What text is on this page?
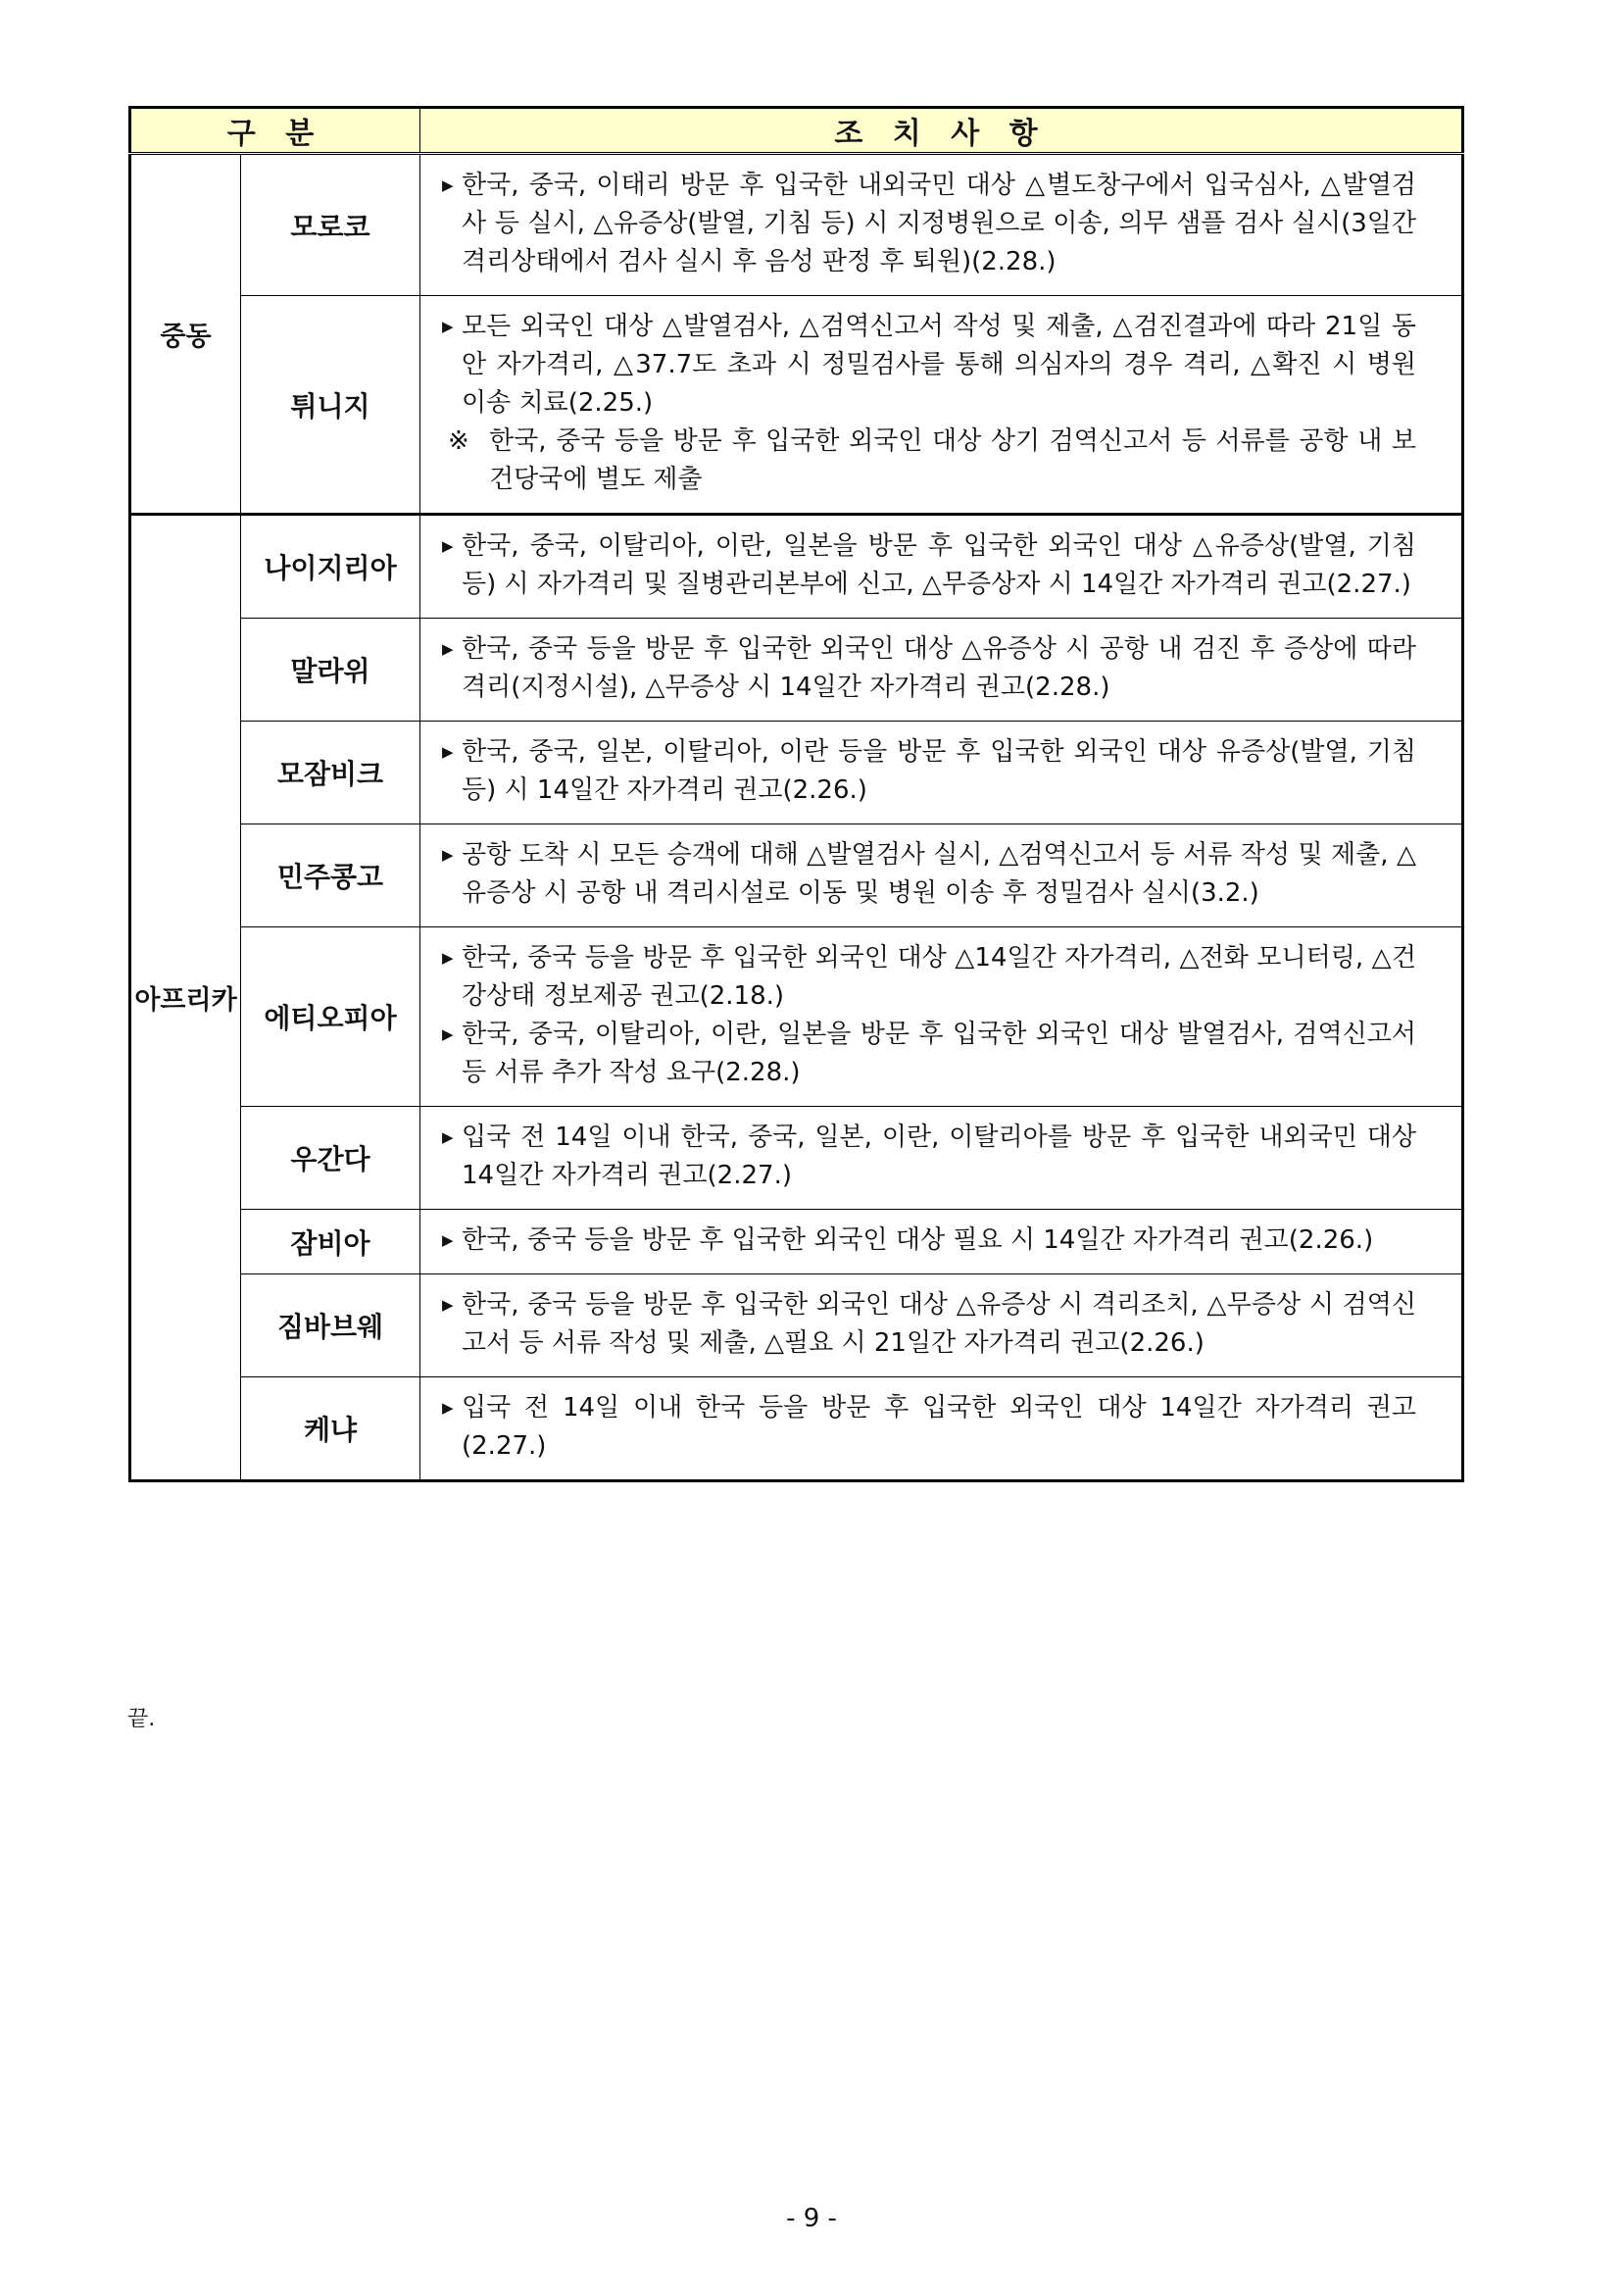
구 분		조 치 사 항
중동	모로코	▶ 한국, 중국, 이태리 방문 후 입국한 내외국민 대상 △별도창구에서 입국심사, △발열검사 등 실시, △유증상(발열, 기침 등) 시 지정병원으로 이송, 의무 샘플 검사 실시(3일간 격리상태에서 검사 실시 후 음성 판정 후 퇴원)(2.28.)

	튀니지	▶ 모든 외국인 대상 △발열검사, △검역신고서 작성 및 제출, △검진결과에 따라 21일 동안 자가격리, △37.7도 초과 시 정밀검사를 통해 의심자의 경우 격리, △확진 시 병원 이송 치료(2.25.)
※ 한국, 중국 등을 방문 후 입국한 외국인 대상 상기 검역신고서 등 서류를 공항 내 보건당국에 별도 제출

아프리카	나이지리아	▶ 한국, 중국, 이탈리아, 이란, 일본을 방문 후 입국한 외국인 대상 △유증상(발열, 기침 등) 시 자가격리 및 질병관리본부에 신고, △무증상자 시 14일간 자가격리 권고(2.27.)

	말라위	▶ 한국, 중국 등을 방문 후 입국한 외국인 대상 △유증상 시 공항 내 검진 후 증상에 따라 격리(지정시설), △무증상 시 14일간 자가격리 권고(2.28.)

	모잠비크	▶ 한국, 중국, 일본, 이탈리아, 이란 등을 방문 후 입국한 외국인 대상 유증상(발열, 기침 등) 시 14일간 자가격리 권고(2.26.)

	민주콩고	▶ 공항 도착 시 모든 승객에 대해 △발열검사 실시, △검역신고서 등 서류 작성 및 제출, △유증상 시 공항 내 격리시설로 이동 및 병원 이송 후 정밀검사 실시(3.2.)

	에티오피아	▶ 한국, 중국 등을 방문 후 입국한 외국인 대상 △14일간 자가격리, △전화 모니터링, △건강상태 정보제공 권고(2.18.)
▶ 한국, 중국, 이탈리아, 이란, 일본을 방문 후 입국한 외국인 대상 발열검사, 검역신고서 등 서류 추가 작성 요구(2.28.)

	우간다	▶ 입국 전 14일 이내 한국, 중국, 일본, 이란, 이탈리아를 방문 후 입국한 내외국민 대상 14일간 자가격리 권고(2.27.)

	잠비아	▶ 한국, 중국 등을 방문 후 입국한 외국인 대상 필요 시 14일간 자가격리 권고(2.26.)

	짐바브웨	▶ 한국, 중국 등을 방문 후 입국한 외국인 대상 △유증상 시 격리조치, △무증상 시 검역신고서 등 서류 작성 및 제출, △필요 시 21일간 자가격리 권고(2.26.)

	케냐	▶ 입국 전 14일 이내 한국 등을 방문 후 입국한 외국인 대상 14일간 자가격리 권고(2.27.)
끝.
- 9 -
